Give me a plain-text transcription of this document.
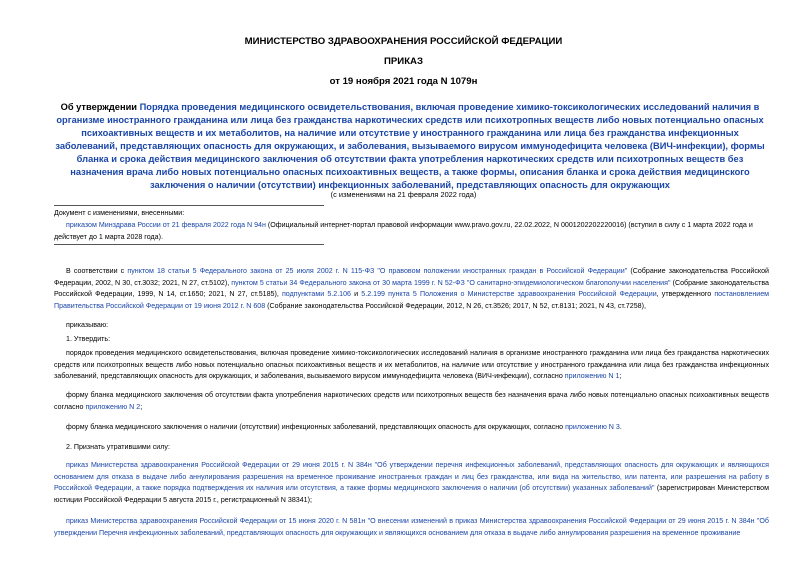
МИНИСТЕРСТВО ЗДРАВООХРАНЕНИЯ РОССИЙСКОЙ ФЕДЕРАЦИИ
ПРИКАЗ
от 19 ноября 2021 года N 1079н
Об утверждении Порядка проведения медицинского освидетельствования, включая проведение химико-токсикологических исследований наличия в организме иностранного гражданина или лица без гражданства наркотических средств или психотропных веществ либо новых потенциально опасных психоактивных веществ и их метаболитов, на наличие или отсутствие у иностранного гражданина или лица без гражданства инфекционных заболеваний, представляющих опасность для окружающих, и заболевания, вызываемого вирусом иммунодефицита человека (ВИЧ-инфекции), формы бланка и срока действия медицинского заключения об отсутствии факта употребления наркотических средств или психотропных веществ без назначения врача либо новых потенциально опасных психоактивных веществ, а также формы, описания бланка и срока действия медицинского заключения о наличии (отсутствии) инфекционных заболеваний, представляющих опасность для окружающих
(с изменениями на 21 февраля 2022 года)
Документ с изменениями, внесенными:
приказом Минздрава России от 21 февраля 2022 года N 94н (Официальный интернет-портал правовой информации www.pravo.gov.ru, 22.02.2022, N 0001202202220016) (вступил в силу с 1 марта 2022 года и действует до 1 марта 2028 года).
В соответствии с пунктом 18 статьи 5 Федерального закона от 25 июля 2002 г. N 115-ФЗ "О правовом положении иностранных граждан в Российской Федерации" (Собрание законодательства Российской Федерации, 2002, N 30, ст.3032; 2021, N 27, ст.5102), пунктом 5 статьи 34 Федерального закона от 30 марта 1999 г. N 52-ФЗ "О санитарно-эпидемиологическом благополучии населения" (Собрание законодательства Российской Федерации, 1999, N 14, ст.1650; 2021, N 27, ст.5185), подпунктами 5.2.106 и 5.2.199 пункта 5 Положения о Министерстве здравоохранения Российской Федерации, утвержденного постановлением Правительства Российской Федерации от 19 июня 2012 г. N 608 (Собрание законодательства Российской Федерации, 2012, N 26, ст.3526; 2017, N 52, ст.8131; 2021, N 43, ст.7258),
приказываю:
1. Утвердить:
порядок проведения медицинского освидетельствования, включая проведение химико-токсикологических исследований наличия в организме иностранного гражданина или лица без гражданства наркотических средств или психотропных веществ либо новых потенциально опасных психоактивных веществ и их метаболитов, на наличие или отсутствие у иностранного гражданина или лица без гражданства инфекционных заболеваний, представляющих опасность для окружающих, и заболевания, вызываемого вирусом иммунодефицита человека (ВИЧ-инфекции), согласно приложению N 1;
форму бланка медицинского заключения об отсутствии факта употребления наркотических средств или психотропных веществ без назначения врача либо новых потенциально опасных психоактивных веществ согласно приложению N 2;
форму бланка медицинского заключения о наличии (отсутствии) инфекционных заболеваний, представляющих опасность для окружающих, согласно приложению N 3.
2. Признать утратившими силу:
приказ Министерства здравоохранения Российской Федерации от 29 июня 2015 г. N 384н "Об утверждении перечня инфекционных заболеваний, представляющих опасность для окружающих и являющихся основанием для отказа в выдаче либо аннулирования разрешения на временное проживание иностранных граждан и лиц без гражданства, или вида на жительство, или патента, или разрешения на работу в Российской Федерации, а также порядка подтверждения их наличия или отсутствия, а также формы медицинского заключения о наличии (об отсутствии) указанных заболеваний" (зарегистрирован Министерством юстиции Российской Федерации 5 августа 2015 г., регистрационный N 38341);
приказ Министерства здравоохранения Российской Федерации от 15 июня 2020 г. N 581н "О внесении изменений в приказ Министерства здравоохранения Российской Федерации от 29 июня 2015 г. N 384н "Об утверждении Перечня инфекционных заболеваний, представляющих опасность для окружающих и являющихся основанием для отказа в выдаче либо аннулирования разрешения на временное проживание
